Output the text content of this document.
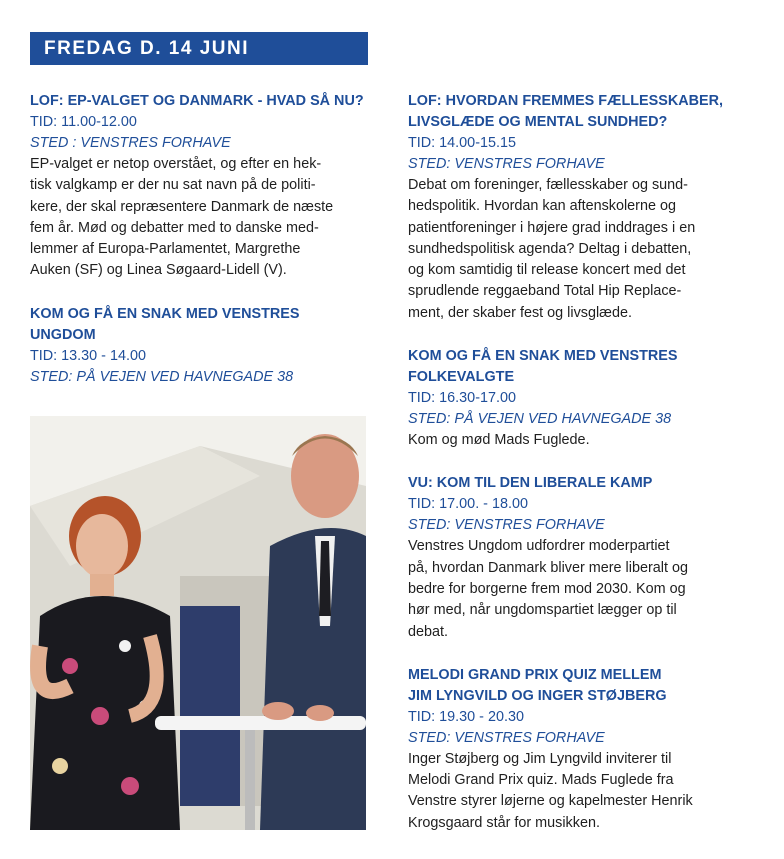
FREDAG D. 14 JUNI
LOF: EP-VALGET OG DANMARK - HVAD SÅ NU?
TID: 11.00-12.00
STED : VENSTRES FORHAVE
EP-valget er netop overstået, og efter en hek-
tisk valgkamp er der nu sat navn på de politi-
kere, der skal repræsentere Danmark de næste
fem år. Mød og debatter med to danske med-
lemmer af Europa-Parlamentet, Margrethe
Auken (SF) og Linea Søgaard-Lidell (V).
KOM OG FÅ EN SNAK MED VENSTRES
UNGDOM
TID: 13.30 - 14.00
STED: PÅ VEJEN VED HAVNEGADE 38
LOF: HVORDAN FREMMES FÆLLESSKABER,
LIVSGLÆDE OG MENTAL SUNDHED?
TID: 14.00-15.15
STED: VENSTRES FORHAVE
Debat om foreninger, fællesskaber og sund-
hedspolitik. Hvordan kan aftenskolerne og
patientforeninger i højere grad inddrages i en
sundhedspolitisk agenda? Deltag i debatten,
og kom samtidig til release koncert med det
sprudlende reggaeband Total Hip Replace-
ment, der skaber fest og livsglæde.
KOM OG FÅ EN SNAK MED VENSTRES
FOLKEVALGTE
TID: 16.30-17.00
STED: PÅ VEJEN VED HAVNEGADE 38
Kom og mød Mads Fuglede.
VU: KOM TIL DEN LIBERALE KAMP
TID: 17.00. - 18.00
STED: VENSTRES FORHAVE
Venstres Ungdom udfordrer moderpartiet
på, hvordan Danmark bliver mere liberalt og
bedre for borgerne frem mod 2030. Kom og
hør med, når ungdomspartiet lægger op til
debat.
MELODI GRAND PRIX QUIZ MELLEM
JIM LYNGVILD OG INGER STØJBERG
TID: 19.30 - 20.30
STED: VENSTRES FORHAVE
Inger Støjberg og Jim Lyngvild inviterer til
Melodi Grand Prix quiz. Mads Fuglede fra
Venstre styrer løjerne og kapelmester Henrik
Krogsgaard står for musikken.
